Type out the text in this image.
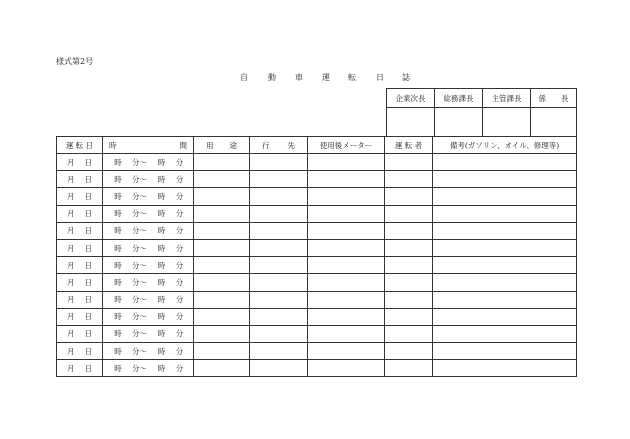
様式第2号
自	動 車 運 転	日 誌
企業次長	総務課長	主管課長	係　　長

運 転 日	時 間	用 途	行 先	使用後メーター	運 転 者	備考(ガソリン、オイル、修理等)

月 日	時 分～ 時 分					
月 日	時 分～ 時 分					
月 日	時 分～ 時 分					
月 日	時 分～ 時 分					
月 日	時 分～ 時 分					
月 日	時 分～ 時 分					
月 日	時 分～ 時 分					
月 日	時 分～ 時 分					
月 日	時 分～ 時 分					
月 日	時 分～ 時 分					
月 日	時 分～ 時 分					
月 日	時 分～ 時 分					
月 日	時 分～ 時 分					
